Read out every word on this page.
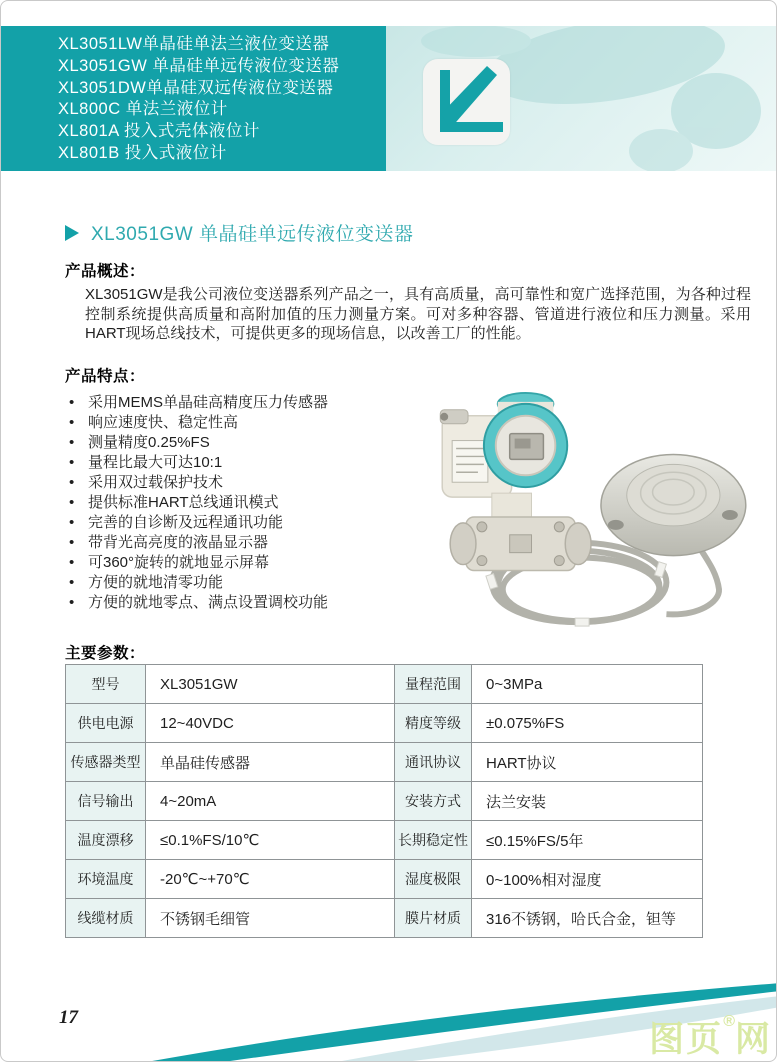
XL3051LW单晶硅单法兰液位变送器
XL3051GW 单晶硅单远传液位变送器
XL3051DW单晶硅双远传液位变送器
XL800C 单法兰液位计
XL801A 投入式壳体液位计
XL801B 投入式液位计
XL3051GW 单晶硅单远传液位变送器
产品概述：
XL3051GW是我公司液位变送器系列产品之一，具有高质量，高可靠性和宽广选择范围，为各种过程控制系统提供高质量和高附加值的压力测量方案。可对多种容器、管道进行液位和压力测量。采用HART现场总线技术，可提供更多的现场信息，以改善工厂的性能。
产品特点：
• 采用MEMS单晶硅高精度压力传感器
• 响应速度快、稳定性高
• 测量精度0.25%FS
• 量程比最大可达10:1
• 采用双过载保护技术
• 提供标准HART总线通讯模式
• 完善的自诊断及远程通讯功能
• 带背光高亮度的液晶显示器
• 可360°旋转的就地显示屏幕
• 方便的就地清零功能
• 方便的就地零点、满点设置调校功能
主要参数：
型号	XL3051GW	量程范围	0~3MPa
供电电源	12~40VDC	精度等级	±0.075%FS
传感器类型	单晶硅传感器	通讯协议	HART协议
信号输出	4~20mA	安装方式	法兰安装
温度漂移	≤0.1%FS/10℃	长期稳定性	≤0.15%FS/5年
环境温度	-20℃~+70℃	湿度极限	0~100%相对湿度
线缆材质	不锈钢毛细管	膜片材质	316不锈钢，哈氏合金，钽等
17
图页®网
